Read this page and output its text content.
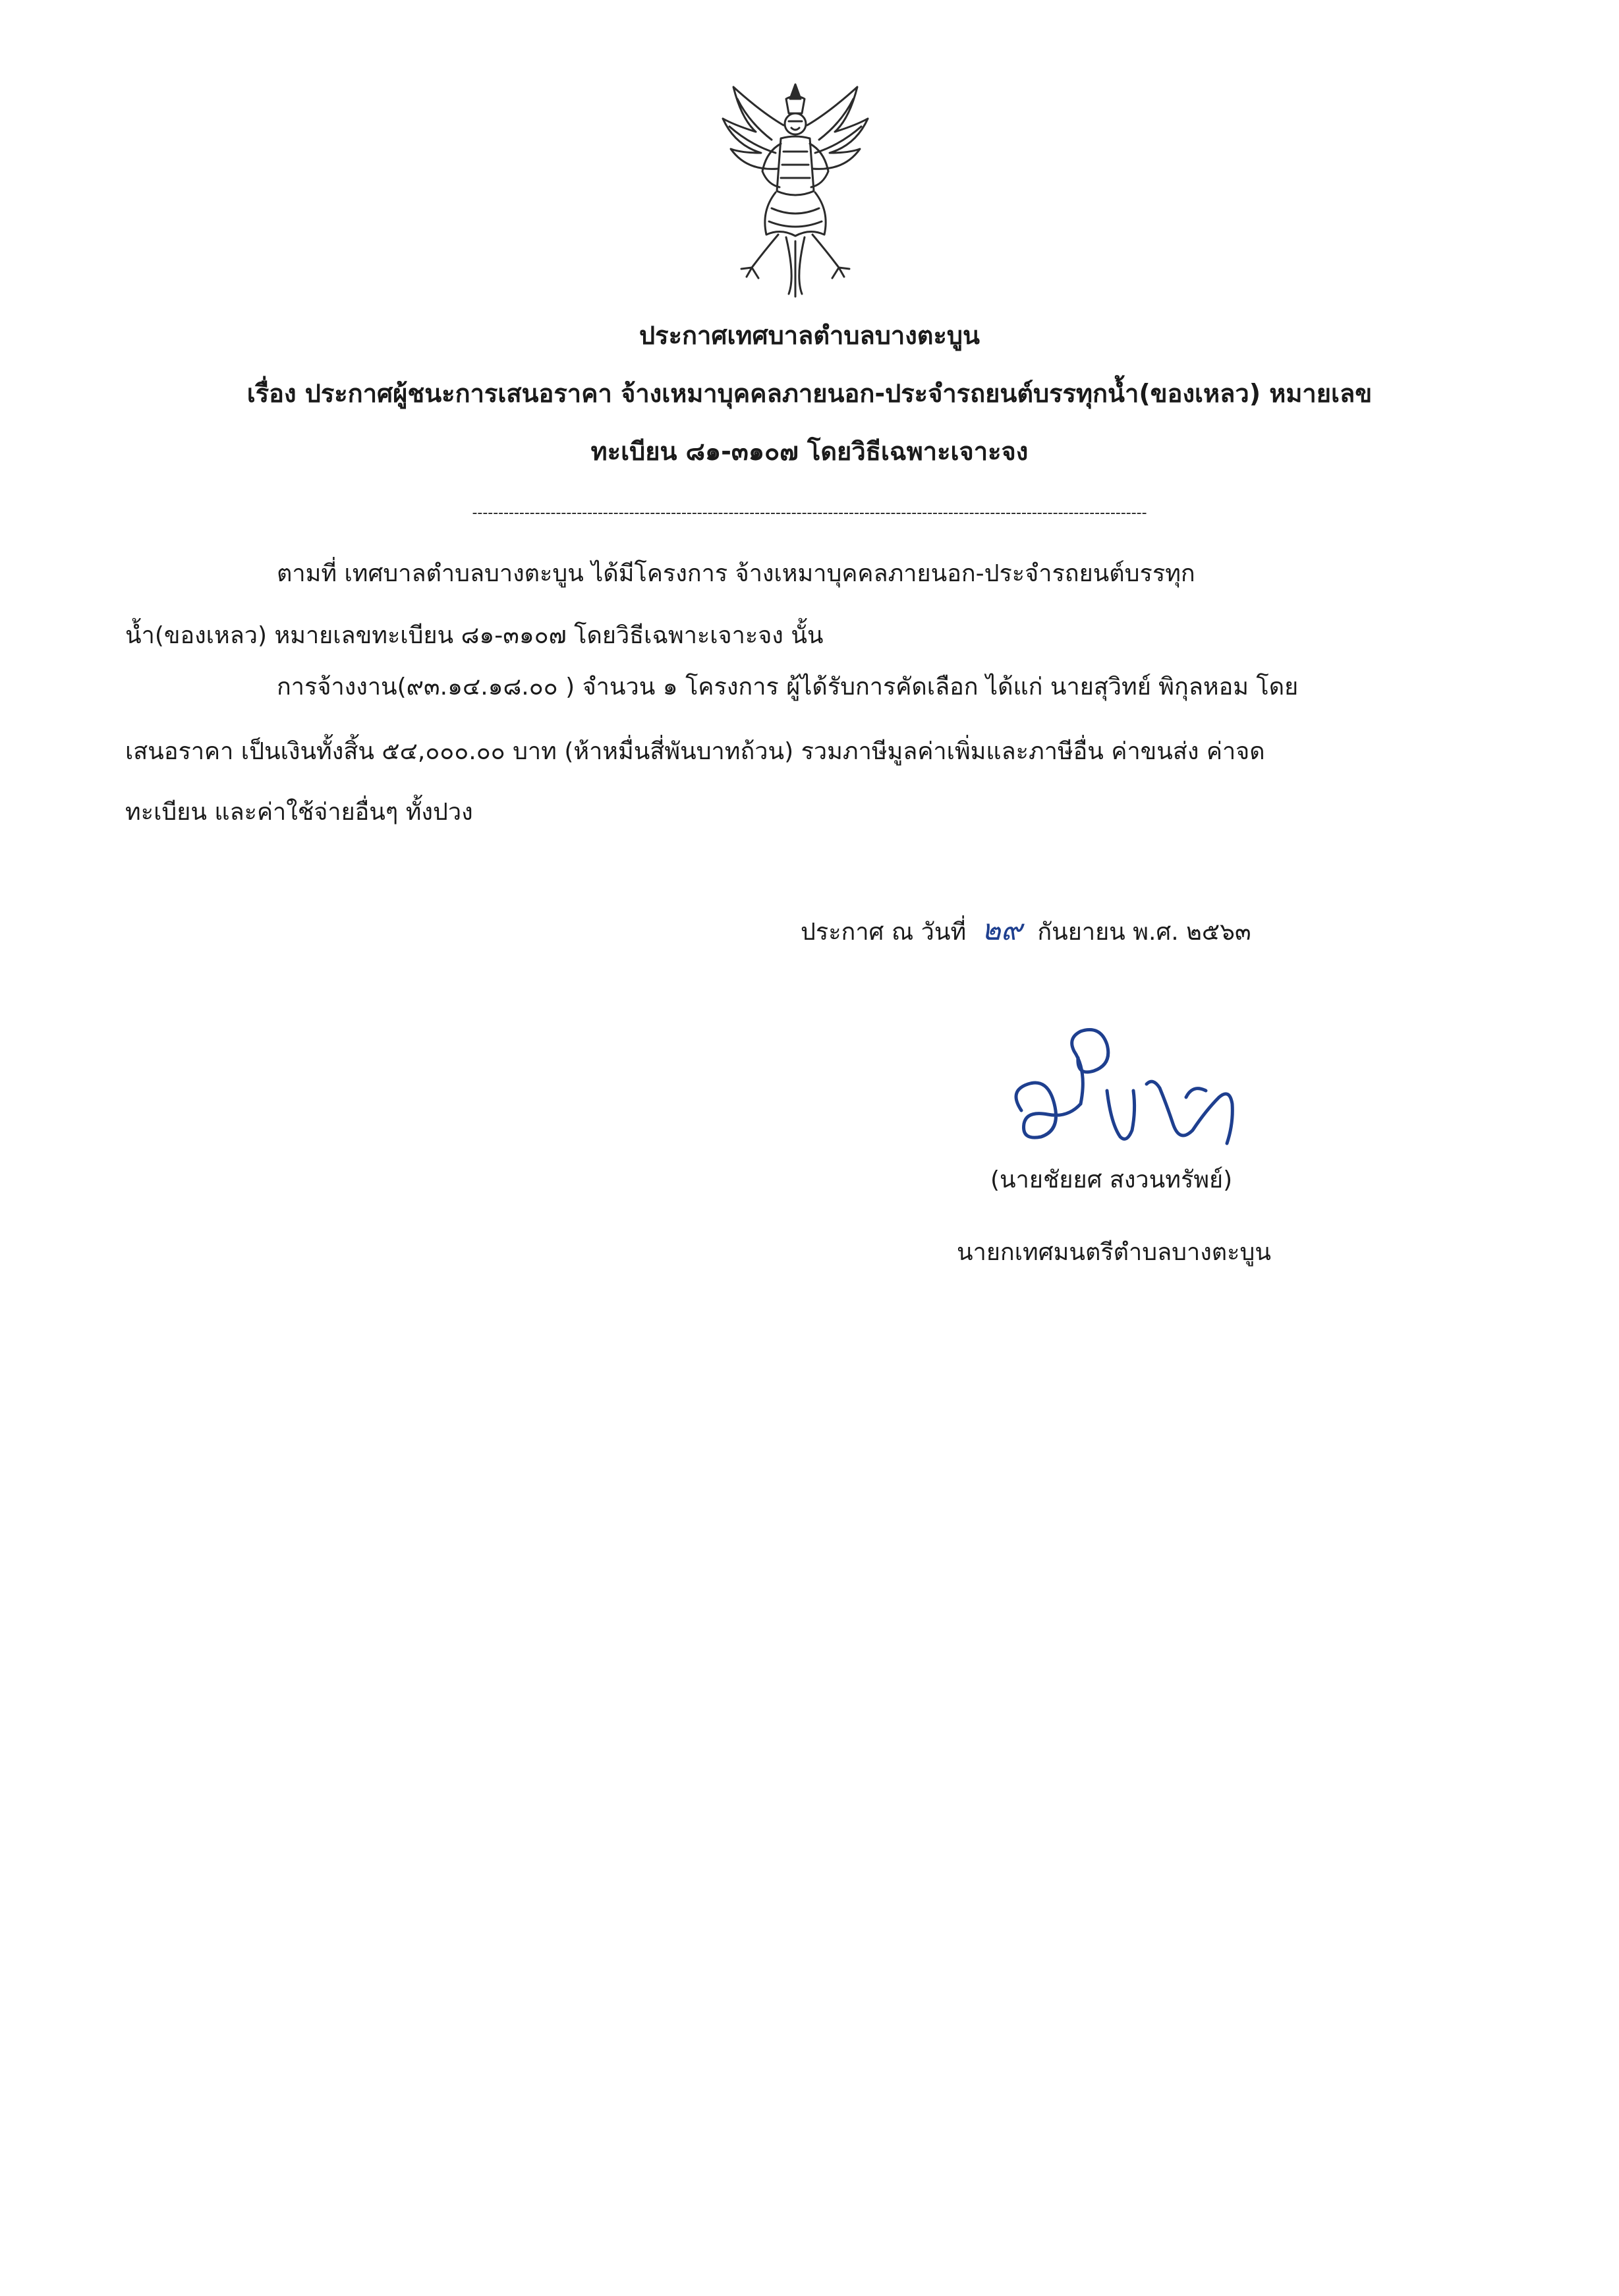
ประกาศเทศบาลตำบลบางตะบูน
เรื่อง ประกาศผู้ชนะการเสนอราคา จ้างเหมาบุคคลภายนอก-ประจำรถยนต์บรรทุกน้ำ(ของเหลว) หมายเลข
ทะเบียน ๘๑-๓๑๐๗ โดยวิธีเฉพาะเจาะจง
---------------------------------------------------------------------------------------------------------------------------------
ตามที่ เทศบาลตำบลบางตะบูน ได้มีโครงการ จ้างเหมาบุคคลภายนอก-ประจำรถยนต์บรรทุก
น้ำ(ของเหลว) หมายเลขทะเบียน ๘๑-๓๑๐๗ โดยวิธีเฉพาะเจาะจง นั้น
การจ้างงาน(๙๓.๑๔.๑๘.๐๐ ) จำนวน ๑ โครงการ ผู้ได้รับการคัดเลือก ได้แก่ นายสุวิทย์ พิกุลหอม โดย
เสนอราคา เป็นเงินทั้งสิ้น ๕๔,๐๐๐.๐๐ บาท (ห้าหมื่นสี่พันบาทถ้วน) รวมภาษีมูลค่าเพิ่มและภาษีอื่น ค่าขนส่ง ค่าจด
ทะเบียน และค่าใช้จ่ายอื่นๆ ทั้งปวง
ประกาศ ณ วันที่ ๒๙ กันยายน พ.ศ. ๒๕๖๓
(นายชัยยศ สงวนทรัพย์)
นายกเทศมนตรีตำบลบางตะบูน
